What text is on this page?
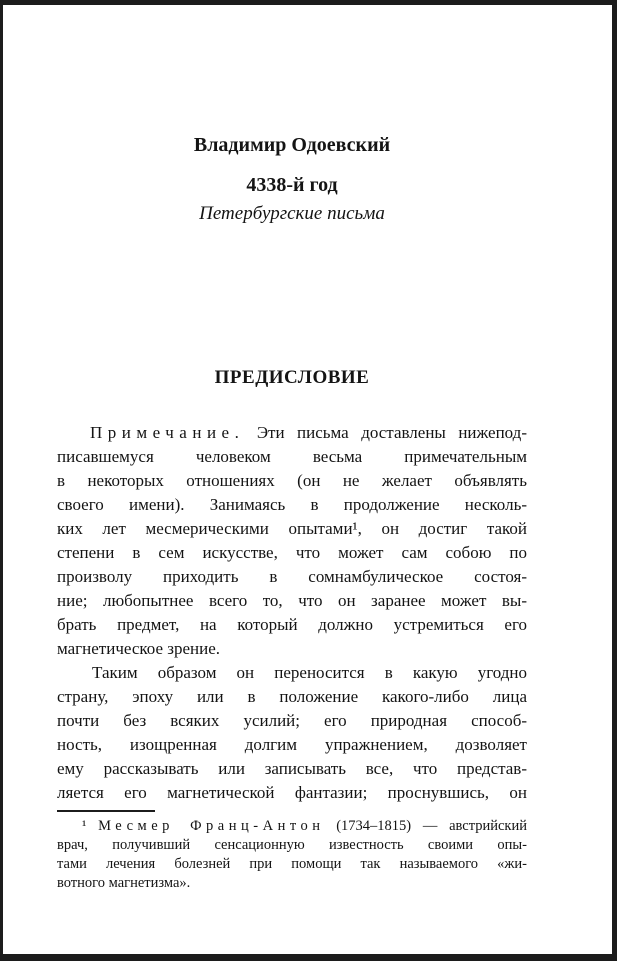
Владимир Одоевский
4338-й год
Петербургские письма
ПРЕДИСЛОВИЕ
Примечание. Эти письма доставлены нижепод-
писавшемуся человеком весьма примечательным
в некоторых отношениях (он не желает объявлять
своего имени). Занимаясь в продолжение несколь-
ких лет месмерическими опытами¹, он достиг такой
степени в сем искусстве, что может сам собою по
произволу приходить в сомнамбулическое состоя-
ние; любопытнее всего то, что он заранее может вы-
брать предмет, на который должно устремиться его
магнетическое зрение.
Таким образом он переносится в какую угодно
страну, эпоху или в положение какого-либо лица
почти без всяких усилий; его природная способ-
ность, изощренная долгим упражнением, дозволяет
ему рассказывать или записывать все, что представ-
ляется его магнетической фантазии; проснувшись, он
¹ Месмер Франц-Антон (1734–1815) — австрийский
врач, получивший сенсационную известность своими опы-
тами лечения болезней при помощи так называемого «жи-
вотного магнетизма».
